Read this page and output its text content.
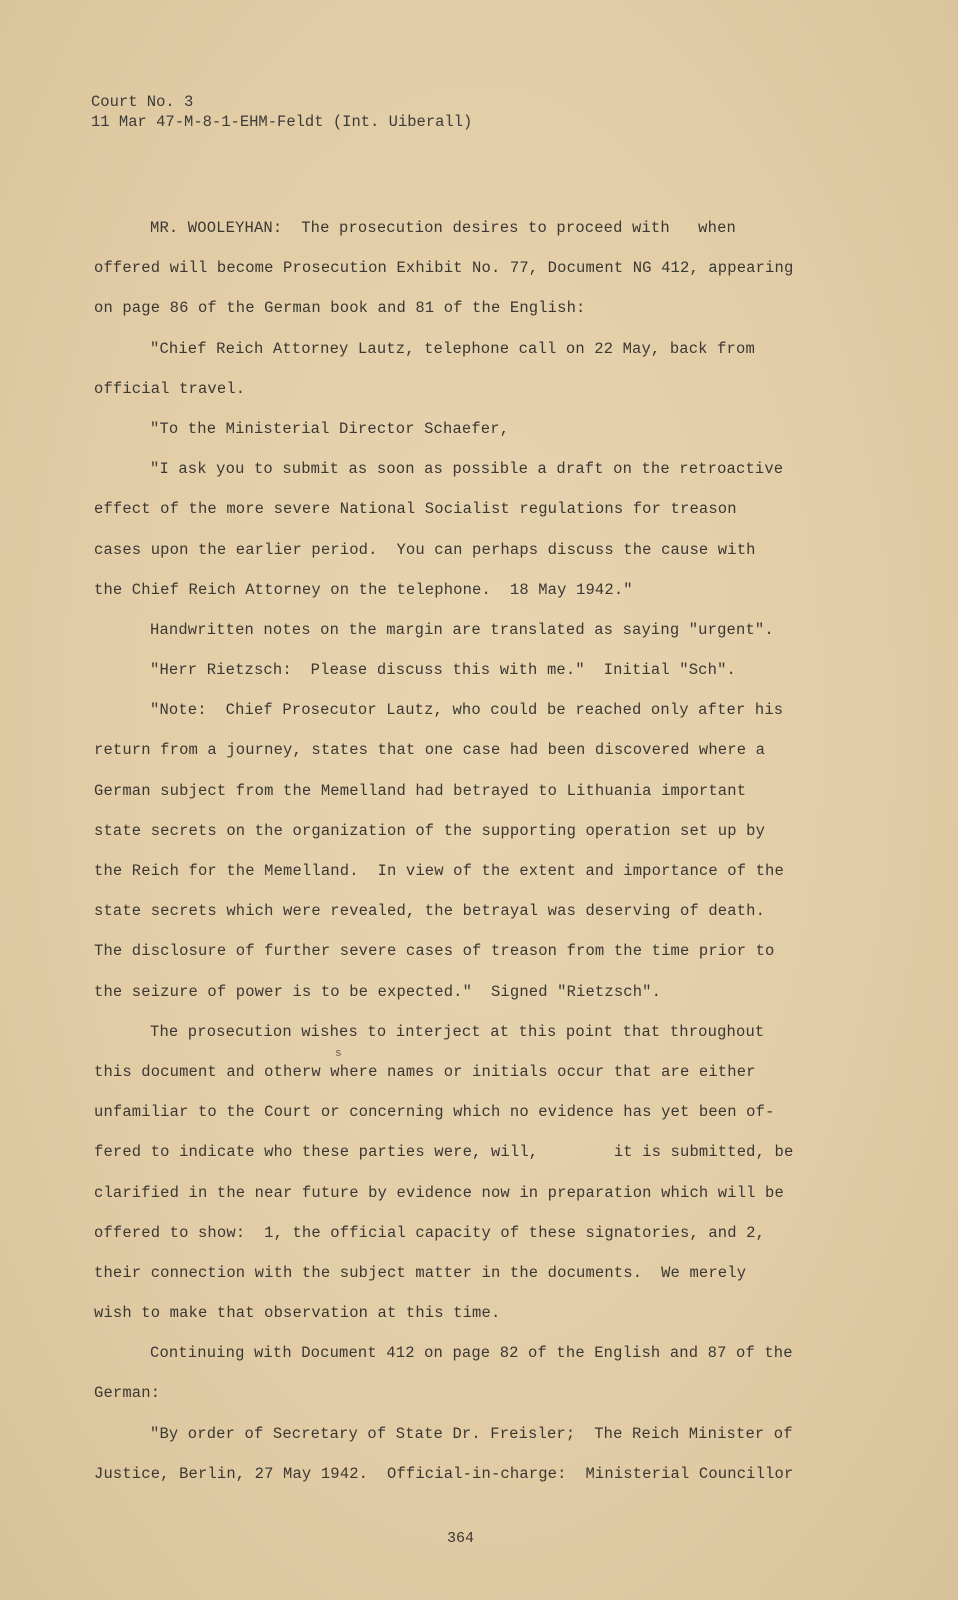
Court No. 3
11 Mar 47-M-8-1-EHM-Feldt (Int. Uiberall)
MR. WOOLEYHAN:  The prosecution desires to proceed with   when
offered will become Prosecution Exhibit No. 77, Document NG 412, appearing
on page 86 of the German book and 81 of the English:
"Chief Reich Attorney Lautz, telephone call on 22 May, back from
official travel.
"To the Ministerial Director Schaefer,
"I ask you to submit as soon as possible a draft on the retroactive
effect of the more severe National Socialist regulations for treason
cases upon the earlier period.  You can perhaps discuss the cause with
the Chief Reich Attorney on the telephone.  18 May 1942."
Handwritten notes on the margin are translated as saying "urgent".
"Herr Rietzsch:  Please discuss this with me."  Initial "Sch".
"Note:  Chief Prosecutor Lautz, who could be reached only after his
return from a journey, states that one case had been discovered where a
German subject from the Memelland had betrayed to Lithuania important
state secrets on the organization of the supporting operation set up by
the Reich for the Memelland.  In view of the extent and importance of the
state secrets which were revealed, the betrayal was deserving of death.
The disclosure of further severe cases of treason from the time prior to
the seizure of power is to be expected."  Signed "Rietzsch".
The prosecution wishes to interject at this point that throughout
this document and otherw where names or initials occur that are either
unfamiliar to the Court or concerning which no evidence has yet been of-
fered to indicate who these parties were, will,        it is submitted, be
clarified in the near future by evidence now in preparation which will be
offered to show:  1, the official capacity of these signatories, and 2,
their connection with the subject matter in the documents.  We merely
wish to make that observation at this time.
Continuing with Document 412 on page 82 of the English and 87 of the
German:
"By order of Secretary of State Dr. Freisler;  The Reich Minister of
Justice, Berlin, 27 May 1942.  Official-in-charge:  Ministerial Councillor
s
364
